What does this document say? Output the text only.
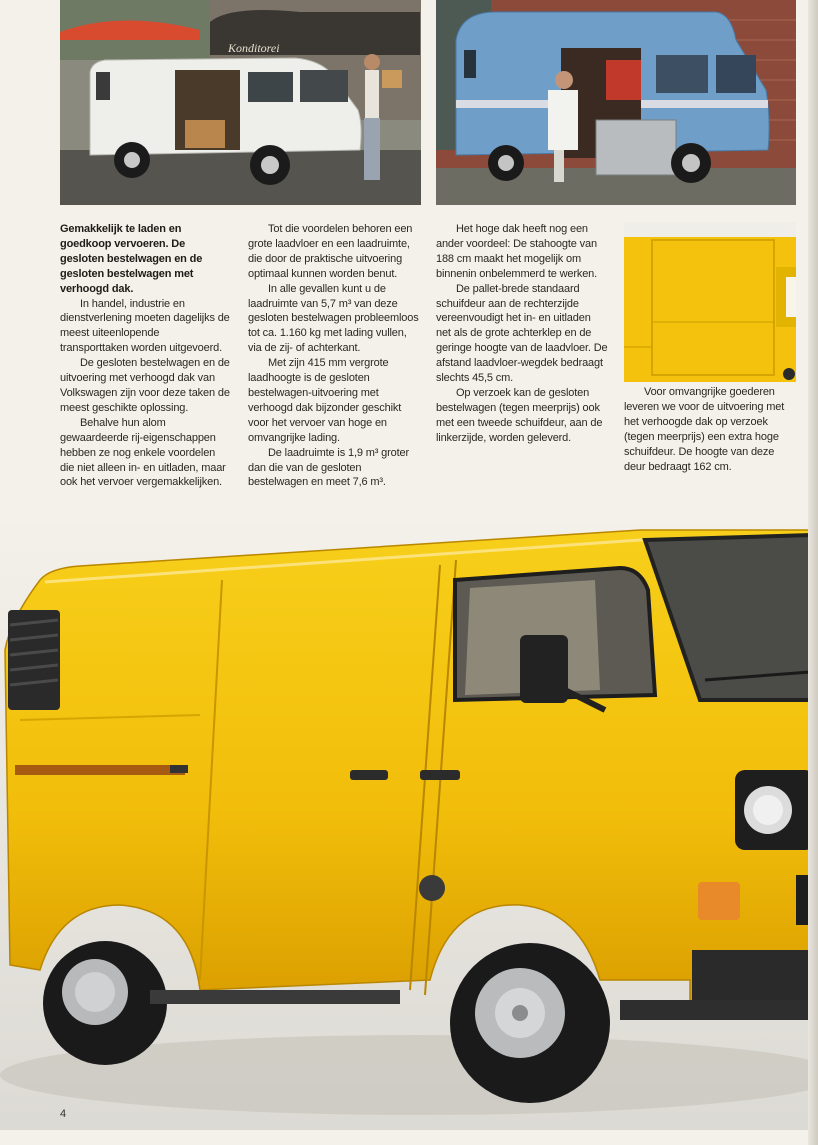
Konditorei

Gemakkelijk te laden en goedkoop vervoeren. De gesloten bestelwagen en de gesloten bestelwagen met verhoogd dak.

In handel, industrie en dienstverlening moeten dagelijks de meest uiteenlopende transporttaken worden uitgevoerd.

De gesloten bestelwagen en de uitvoering met verhoogd dak van Volkswagen zijn voor deze taken de meest geschikte oplossing.

Behalve hun alom gewaardeerde rij-eigenschappen hebben ze nog enkele voordelen die niet alleen in- en uitladen, maar ook het vervoer vergemakkelijken.

Tot die voordelen behoren een grote laadvloer en een laadruimte, die door de praktische uitvoering optimaal kunnen worden benut.

In alle gevallen kunt u de laadruimte van 5,7 m³ van deze gesloten bestelwagen probleemloos tot ca. 1.160 kg met lading vullen, via de zij- of achterkant.

Met zijn 415 mm vergrote laadhoogte is de gesloten bestelwagen-uitvoering met verhoogd dak bijzonder geschikt voor het vervoer van hoge en omvangrijke lading.

De laadruimte is 1,9 m³ groter dan die van de gesloten bestelwagen en meet 7,6 m³.

Het hoge dak heeft nog een ander voordeel: De stahoogte van 188 cm maakt het mogelijk om binnenin onbelemmerd te werken.

De pallet-brede standaard schuifdeur aan de rechterzijde vereenvoudigt het in- en uitladen net als de grote achterklep en de geringe hoogte van de laadvloer. De afstand laadvloer-wegdek bedraagt slechts 45,5 cm.

Op verzoek kan de gesloten bestelwagen (tegen meerprijs) ook met een tweede schuifdeur, aan de linkerzijde, worden geleverd.

Voor omvangrijke goederen leveren we voor de uitvoering met het verhoogde dak op verzoek (tegen meerprijs) een extra hoge schuifdeur. De hoogte van deze deur bedraagt 162 cm.

4
